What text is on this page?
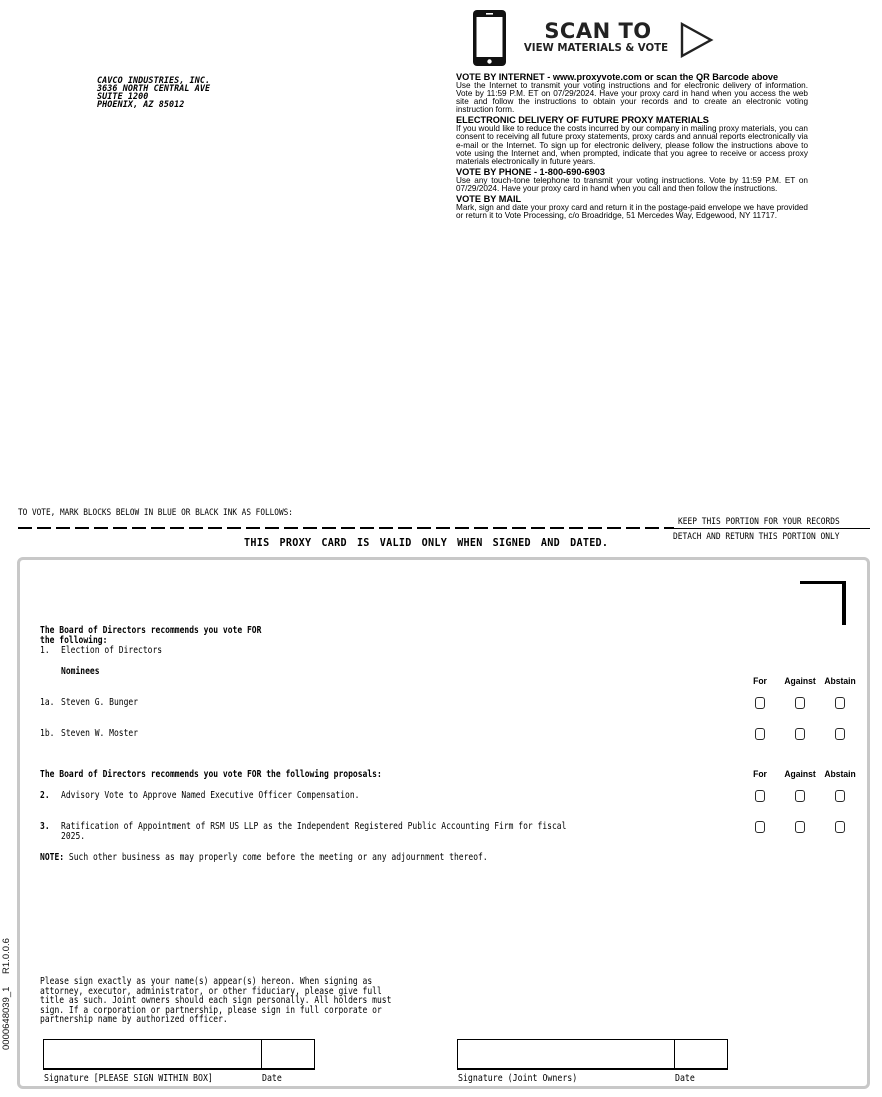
CAVCO INDUSTRIES, INC.
3636 NORTH CENTRAL AVE
SUITE 1200
PHOENIX, AZ 85012
SCAN TO
VIEW MATERIALS & VOTE
VOTE BY INTERNET - www.proxyvote.com or scan the QR Barcode above
Use the Internet to transmit your voting instructions and for electronic delivery of information. Vote by 11:59 P.M. ET on 07/29/2024. Have your proxy card in hand when you access the web site and follow the instructions to obtain your records and to create an electronic voting instruction form.
ELECTRONIC DELIVERY OF FUTURE PROXY MATERIALS
If you would like to reduce the costs incurred by our company in mailing proxy materials, you can consent to receiving all future proxy statements, proxy cards and annual reports electronically via e-mail or the Internet. To sign up for electronic delivery, please follow the instructions above to vote using the Internet and, when prompted, indicate that you agree to receive or access proxy materials electronically in future years.
VOTE BY PHONE - 1-800-690-6903
Use any touch-tone telephone to transmit your voting instructions. Vote by 11:59 P.M. ET on 07/29/2024. Have your proxy card in hand when you call and then follow the instructions.
VOTE BY MAIL
Mark, sign and date your proxy card and return it in the postage-paid envelope we have provided or return it to Vote Processing, c/o Broadridge, 51 Mercedes Way, Edgewood, NY 11717.
TO VOTE, MARK BLOCKS BELOW IN BLUE OR BLACK INK AS FOLLOWS:
KEEP THIS PORTION FOR YOUR RECORDS
DETACH AND RETURN THIS PORTION ONLY
THIS PROXY CARD IS VALID ONLY WHEN SIGNED AND DATED.
0000648039_1 R1.0.0.6
The Board of Directors recommends you vote FOR
the following:
1. Election of Directors
Nominees
For	Against Abstain
1a. Steven G. Bunger
1b. Steven W. Moster
The Board of Directors recommends you vote FOR the following proposals:	For	Against Abstain
2. Advisory Vote to Approve Named Executive Officer Compensation.
3. Ratification of Appointment of RSM US LLP as the Independent Registered Public Accounting Firm for fiscal
2025.
NOTE: Such other business as may properly come before the meeting or any adjournment thereof.
Please sign exactly as your name(s) appear(s) hereon. When signing as
attorney, executor, administrator, or other fiduciary, please give full
title as such. Joint owners should each sign personally. All holders must
sign. If a corporation or partnership, please sign in full corporate or
partnership name by authorized officer.
Signature [PLEASE SIGN WITHIN BOX]	Date	Signature (Joint Owners)	Date
